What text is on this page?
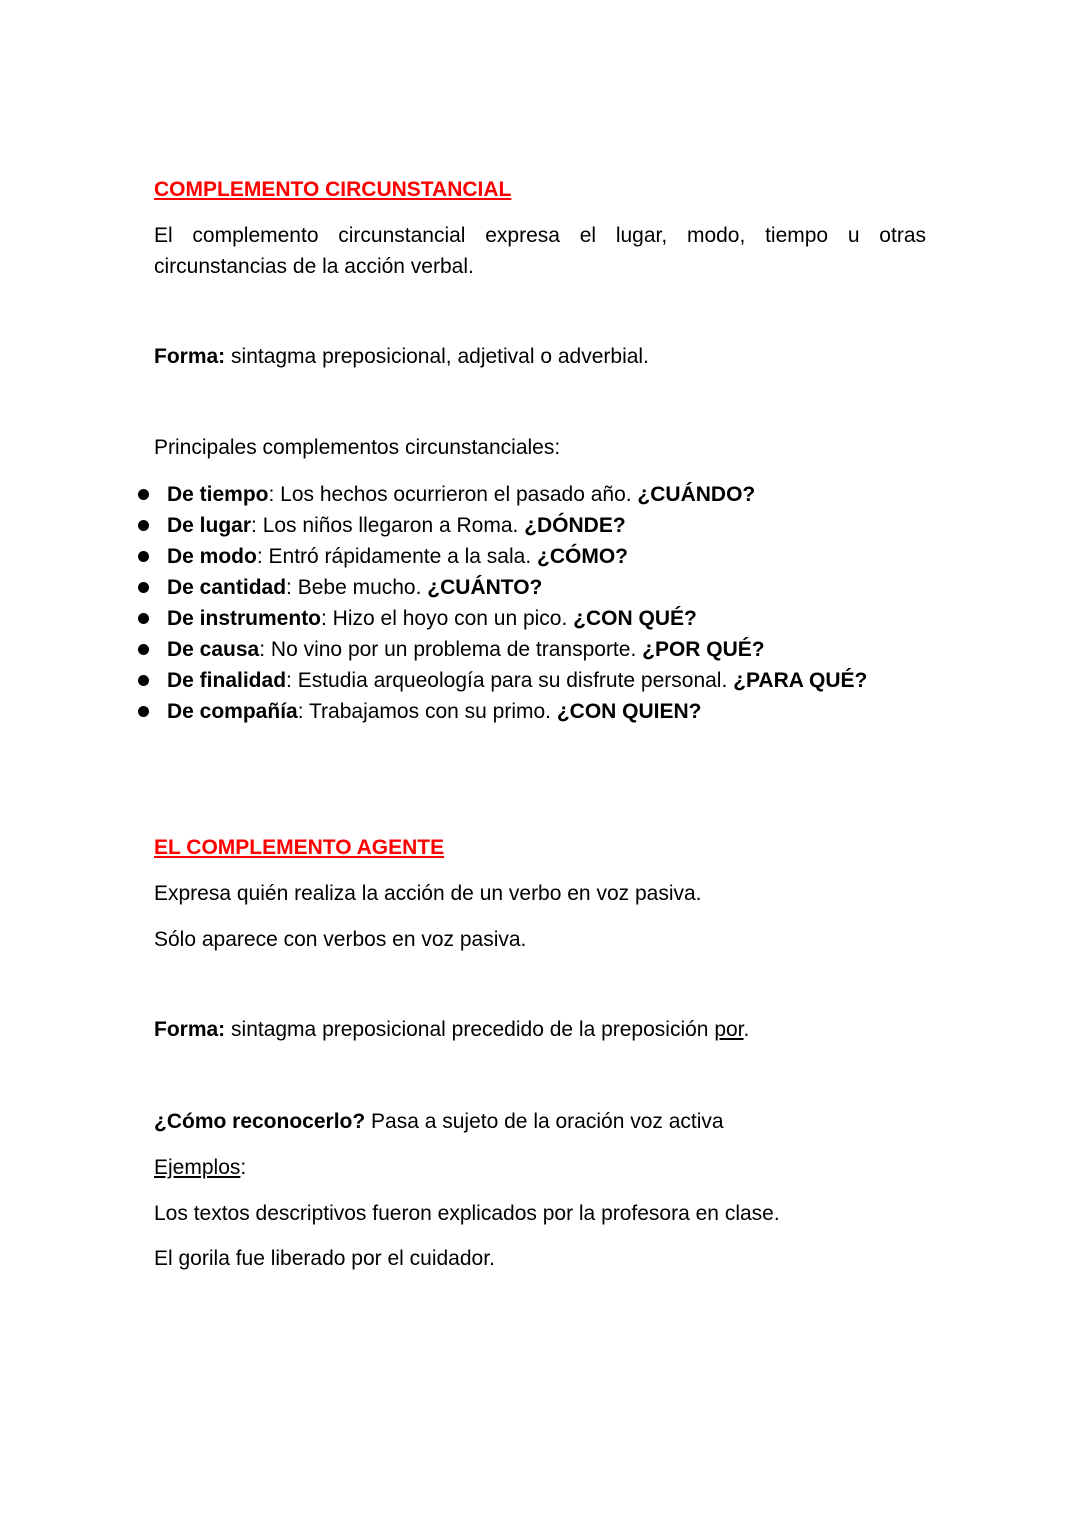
COMPLEMENTO CIRCUNSTANCIAL
El complemento circunstancial expresa el lugar, modo, tiempo u otras circunstancias de la acción verbal.
Forma: sintagma preposicional, adjetival o adverbial.
Principales complementos circunstanciales:
De tiempo: Los hechos ocurrieron el pasado año. ¿CUÁNDO?
De lugar: Los niños llegaron a Roma. ¿DÓNDE?
De modo: Entró rápidamente a la sala. ¿CÓMO?
De cantidad: Bebe mucho. ¿CUÁNTO?
De instrumento: Hizo el hoyo con un pico. ¿CON QUÉ?
De causa: No vino por un problema de transporte. ¿POR QUÉ?
De finalidad: Estudia arqueología para su disfrute personal. ¿PARA QUÉ?
De compañía: Trabajamos con su primo. ¿CON QUIEN?
EL COMPLEMENTO AGENTE
Expresa quién realiza la acción de un verbo en voz pasiva.
Sólo aparece con verbos en voz pasiva.
Forma: sintagma preposicional precedido de la preposición por.
¿Cómo reconocerlo? Pasa a sujeto de la oración voz activa
Ejemplos:
Los textos descriptivos fueron explicados por la profesora en clase.
El gorila fue liberado por el cuidador.
